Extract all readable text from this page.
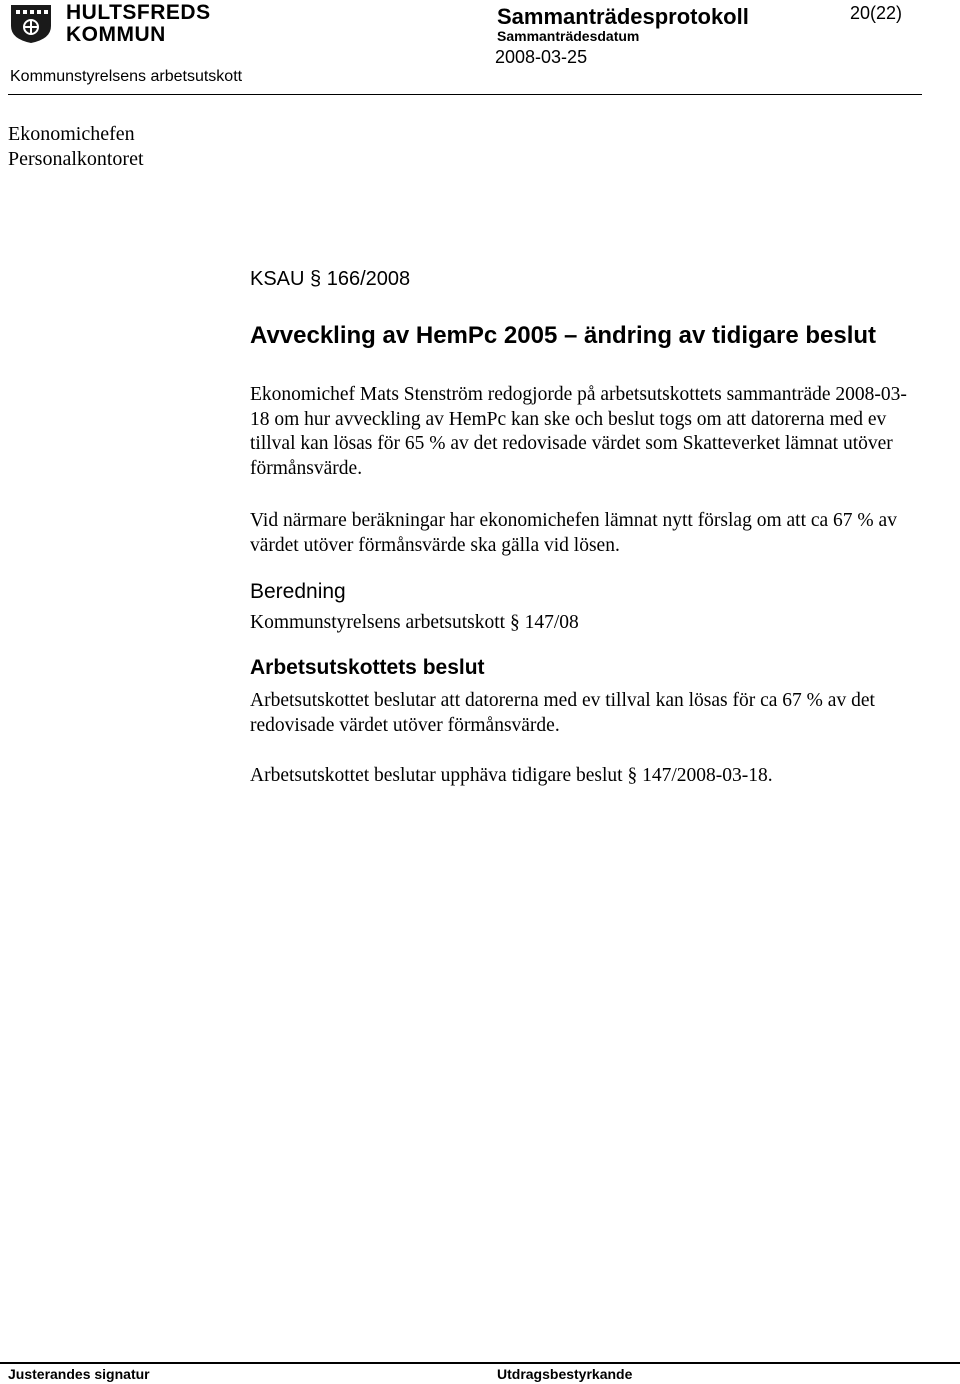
HULTSFREDS
KOMMUN
Sammanträdesprotokoll
Sammanträdesdatum
2008-03-25
20(22)
Kommunstyrelsens arbetsutskott
Ekonomichefen
Personalkontoret
KSAU § 166/2008
Avveckling av HemPc 2005 – ändring av tidigare beslut
Ekonomichef Mats Stenström redogjorde på arbetsutskottets sammanträde 2008-03-18 om hur avveckling av HemPc kan ske och beslut togs om att datorerna med ev tillval kan lösas för 65 % av det redovisade värdet som Skatteverket lämnat utöver förmånsvärde.
Vid närmare beräkningar har ekonomichefen lämnat nytt förslag om att ca 67 % av värdet utöver förmånsvärde ska gälla vid lösen.
Beredning
Kommunstyrelsens arbetsutskott § 147/08
Arbetsutskottets beslut
Arbetsutskottet beslutar att datorerna med ev tillval kan lösas för ca 67 % av det redovisade värdet utöver förmånsvärde.
Arbetsutskottet beslutar upphäva tidigare beslut § 147/2008-03-18.
Justerandes signatur	Utdragsbestyrkande
